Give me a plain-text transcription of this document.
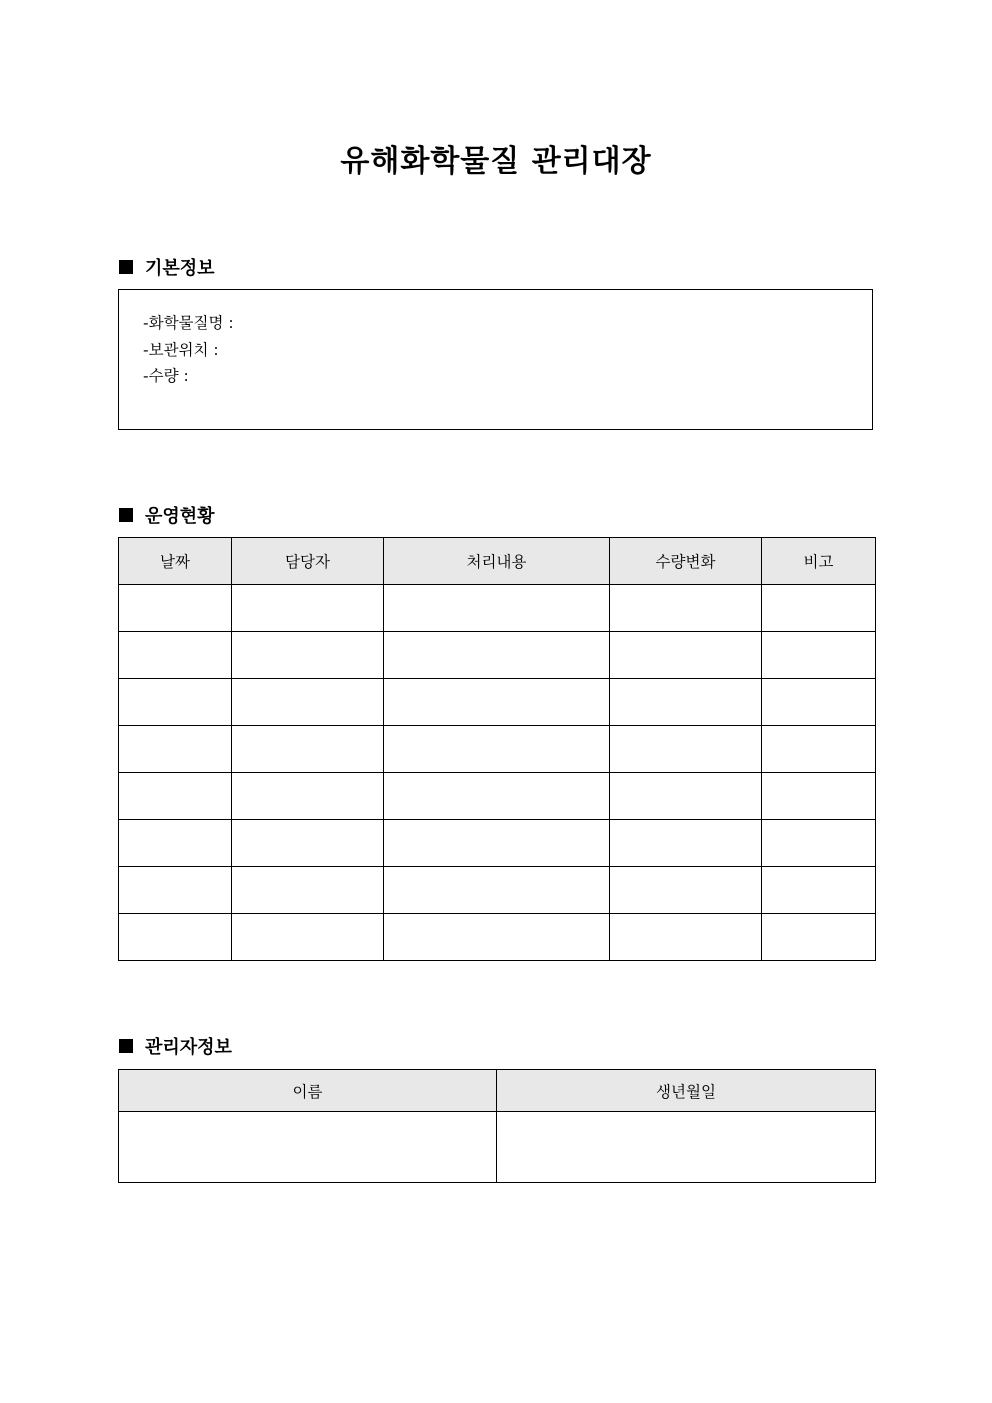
유해화학물질 관리대장
기본정보
-화학물질명 :
-보관위치 :
-수량 :
운영현황
날짜	담당자	처리내용	수량변화	비고

관리자정보
이름	생년월일
